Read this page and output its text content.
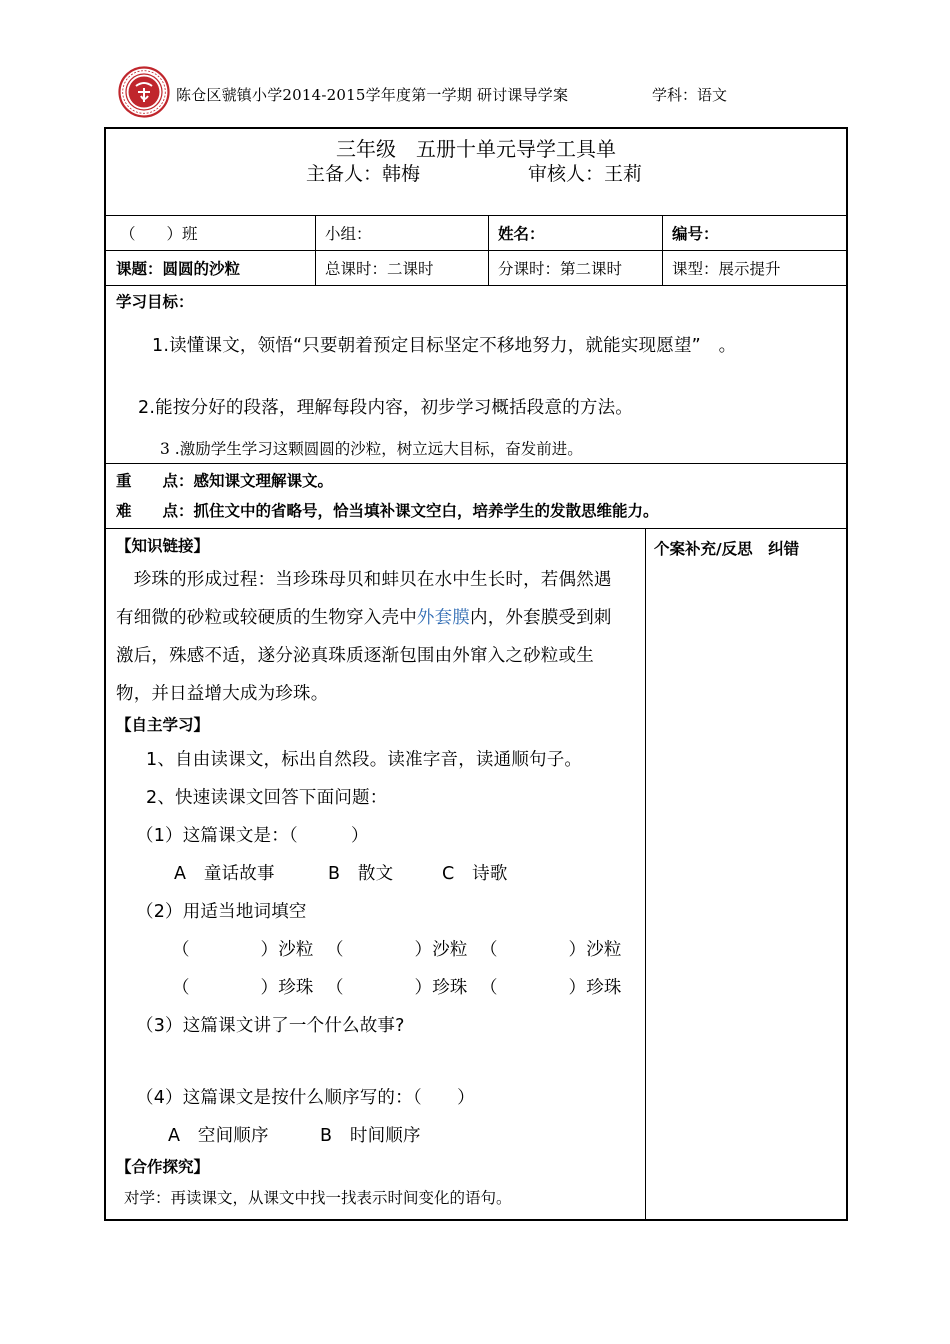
陈仓区虢镇小学2014-2015学年度第一学期 研讨课导学案	学科：语文
三年级　五册十单元导学工具单
主备人：韩梅	审核人：王莉
（　　）班	小组：	姓名：	编号：
课题：圆圆的沙粒	总课时：二课时	分课时：第二课时	课型：展示提升
学习目标：
1.读懂课文，领悟“只要朝着预定目标坚定不移地努力，就能实现愿望”　。
2.能按分好的段落，理解每段内容，初步学习概括段意的方法。
3 .激励学生学习这颗圆圆的沙粒，树立远大目标，奋发前进。
重　　点：感知课文理解课文。
难　　点：抓住文中的省略号，恰当填补课文空白，培养学生的发散思维能力。
个案补充/反思　纠错
【知识链接】
　珍珠的形成过程：当珍珠母贝和蚌贝在水中生长时，若偶然遇
有细微的砂粒或较硬质的生物穿入壳中外套膜内，外套膜受到刺
激后，殊感不适，遂分泌真珠质逐渐包围由外窜入之砂粒或生
物，并日益增大成为珍珠。
【自主学习】
1、自由读课文，标出自然段。读准字音，读通顺句子。
2、快速读课文回答下面问题：
（1）这篇课文是：（　　　）
A　童话故事	B　散文	C　诗歌
（2）用适当地词填空
（　　　　）沙粒 （　　　　）沙粒 （　　　　）沙粒
（　　　　）珍珠 （　　　　）珍珠 （　　　　）珍珠
（3）这篇课文讲了一个什么故事?
（4）这篇课文是按什么顺序写的：（　　）
A　空间顺序	B　时间顺序
【合作探究】
对学：再读课文，从课文中找一找表示时间变化的语句。
